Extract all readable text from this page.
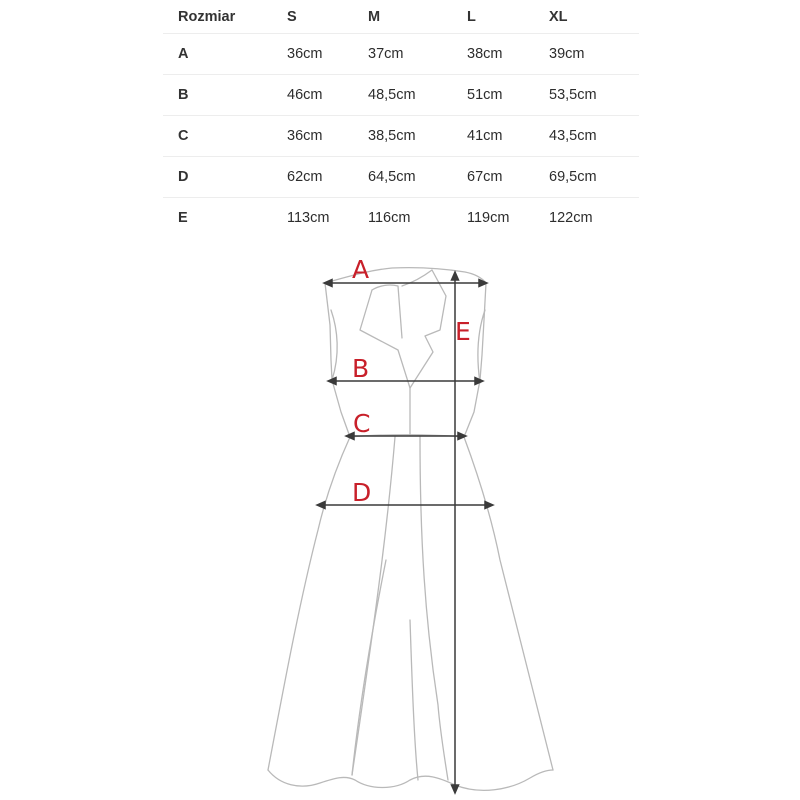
Rozmiar	S	M	L	XL
A	36cm	37cm	38cm	39cm
B	46cm	48,5cm	51cm	53,5cm
C	36cm	38,5cm	41cm	43,5cm
D	62cm	64,5cm	67cm	69,5cm
E	113cm	116cm	119cm	122cm
A
B
C
D
E
